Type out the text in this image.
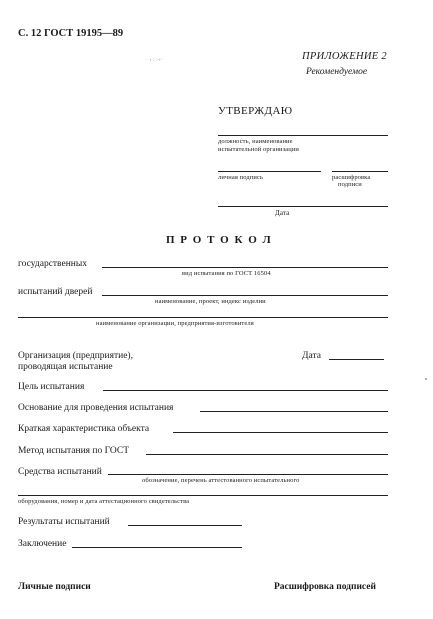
С. 12 ГОСТ 19195—89
· ‹ : ·‹·	ПРИЛОЖЕНИЕ 2
Рекомендуемое
УТВЕРЖДАЮ
должность, наименование
испытательной организации
личная подпись	расшифровка
подписи
Дата
П Р О Т О К О Л
государственных
вид испытания по ГОСТ 16504
испытаний дверей
наименование, проект, индекс изделии
наименование организации, предприятия-изготовителя
Организация (предприятие),
проводящая испытание
Дата
Цель испытания
Основание для проведения испытания
Краткая характеристика объекта
Метод испытания по ГОСТ
Средства испытаний
обозначение, перечень аттестованного испытательного
оборудования, номер и дата аттестационного свидетельства
Результаты испытаний
Заключение
Личные подписи	Расшифровка подписей
